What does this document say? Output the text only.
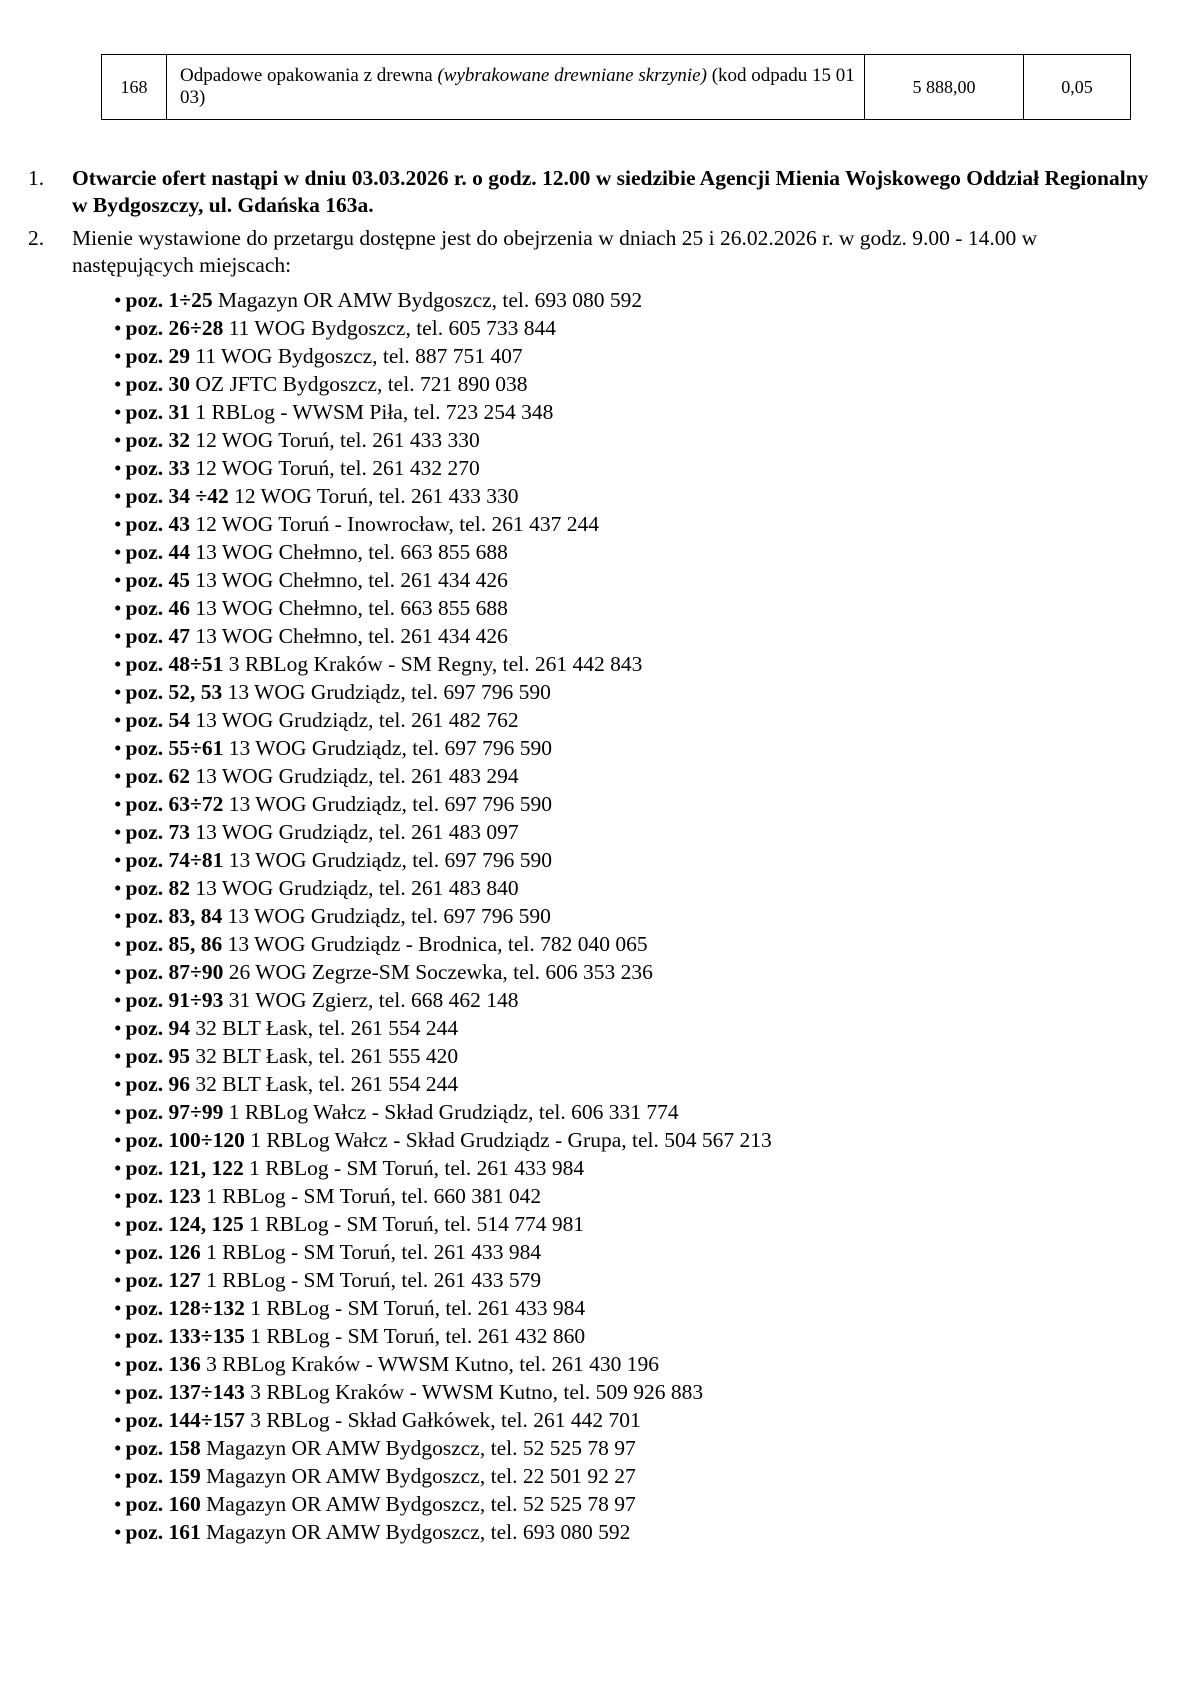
168	Odpadowe opakowania z drewna (wybrakowane drewniane skrzynie) (kod odpadu 15 01 03)	5 888,00	0,05
1. Otwarcie ofert nastąpi w dniu 03.03.2026 r. o godz. 12.00 w siedzibie Agencji Mienia Wojskowego Oddział Regionalny w Bydgoszczy, ul. Gdańska 163a.
2. Mienie wystawione do przetargu dostępne jest do obejrzenia w dniach 25 i 26.02.2026 r. w godz. 9.00 - 14.00 w następujących miejscach:
• poz. 1÷25 Magazyn OR AMW Bydgoszcz, tel. 693 080 592
• poz. 26÷28 11 WOG Bydgoszcz, tel. 605 733 844
• poz. 29 11 WOG Bydgoszcz, tel. 887 751 407
• poz. 30 OZ JFTC Bydgoszcz, tel. 721 890 038
• poz. 31 1 RBLog - WWSM Piła, tel. 723 254 348
• poz. 32 12 WOG Toruń, tel. 261 433 330
• poz. 33 12 WOG Toruń, tel. 261 432 270
• poz. 34 ÷42 12 WOG Toruń, tel. 261 433 330
• poz. 43 12 WOG Toruń - Inowrocław, tel. 261 437 244
• poz. 44 13 WOG Chełmno, tel. 663 855 688
• poz. 45 13 WOG Chełmno, tel. 261 434 426
• poz. 46 13 WOG Chełmno, tel. 663 855 688
• poz. 47 13 WOG Chełmno, tel. 261 434 426
• poz. 48÷51 3 RBLog Kraków - SM Regny, tel. 261 442 843
• poz. 52, 53 13 WOG Grudziądz, tel. 697 796 590
• poz. 54 13 WOG Grudziądz, tel. 261 482 762
• poz. 55÷61 13 WOG Grudziądz, tel. 697 796 590
• poz. 62 13 WOG Grudziądz, tel. 261 483 294
• poz. 63÷72 13 WOG Grudziądz, tel. 697 796 590
• poz. 73 13 WOG Grudziądz, tel. 261 483 097
• poz. 74÷81 13 WOG Grudziądz, tel. 697 796 590
• poz. 82 13 WOG Grudziądz, tel. 261 483 840
• poz. 83, 84 13 WOG Grudziądz, tel. 697 796 590
• poz. 85, 86 13 WOG Grudziądz - Brodnica, tel. 782 040 065
• poz. 87÷90 26 WOG Zegrze-SM Soczewka, tel. 606 353 236
• poz. 91÷93 31 WOG Zgierz, tel. 668 462 148
• poz. 94 32 BLT Łask, tel. 261 554 244
• poz. 95 32 BLT Łask, tel. 261 555 420
• poz. 96 32 BLT Łask, tel. 261 554 244
• poz. 97÷99 1 RBLog Wałcz - Skład Grudziądz, tel. 606 331 774
• poz. 100÷120 1 RBLog Wałcz - Skład Grudziądz - Grupa, tel. 504 567 213
• poz. 121, 122 1 RBLog - SM Toruń, tel. 261 433 984
• poz. 123 1 RBLog - SM Toruń, tel. 660 381 042
• poz. 124, 125 1 RBLog - SM Toruń, tel. 514 774 981
• poz. 126 1 RBLog - SM Toruń, tel. 261 433 984
• poz. 127 1 RBLog - SM Toruń, tel. 261 433 579
• poz. 128÷132 1 RBLog - SM Toruń, tel. 261 433 984
• poz. 133÷135 1 RBLog - SM Toruń, tel. 261 432 860
• poz. 136 3 RBLog Kraków - WWSM Kutno, tel. 261 430 196
• poz. 137÷143 3 RBLog Kraków - WWSM Kutno, tel. 509 926 883
• poz. 144÷157 3 RBLog - Skład Gałkówek, tel. 261 442 701
• poz. 158 Magazyn OR AMW Bydgoszcz, tel. 52 525 78 97
• poz. 159 Magazyn OR AMW Bydgoszcz, tel. 22 501 92 27
• poz. 160 Magazyn OR AMW Bydgoszcz, tel. 52 525 78 97
• poz. 161 Magazyn OR AMW Bydgoszcz, tel. 693 080 592
